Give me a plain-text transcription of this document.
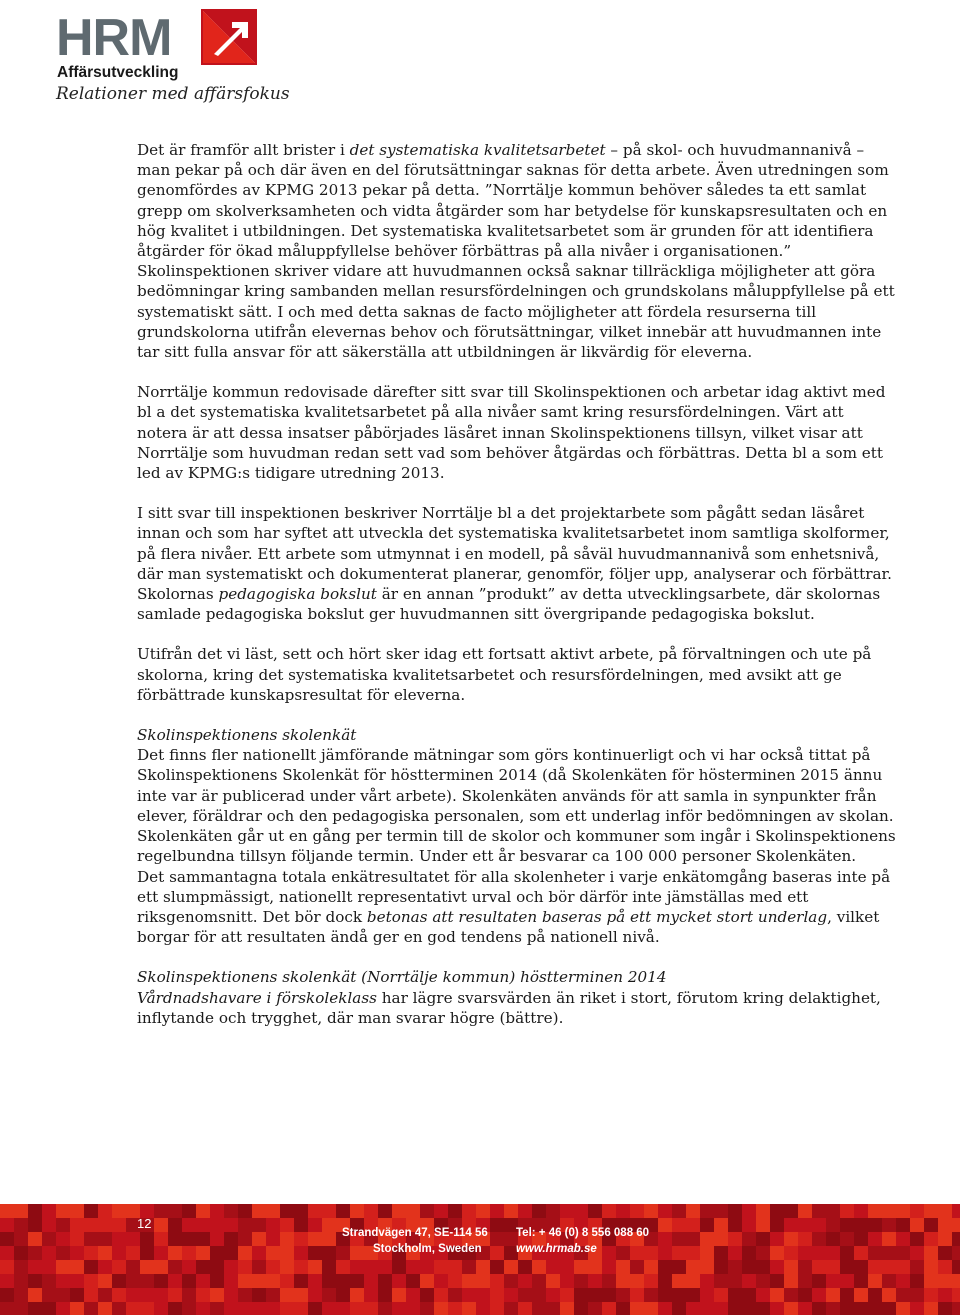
HRM
Affärsutveckling
Relationer med affärsfokus

Det är framför allt brister i det systematiska kvalitetsarbetet – på skol- och huvudmannanivå – man pekar på och där även en del förutsättningar saknas för detta arbete. Även utredningen som genomfördes av KPMG 2013 pekar på detta. ”Norrtälje kommun behöver således ta ett samlat grepp om skolverksamheten och vidta åtgärder som har betydelse för kunskapsresultaten och en hög kvalitet i utbildningen. Det systematiska kvalitetsarbetet som är grunden för att identifiera åtgärder för ökad måluppfyllelse behöver förbättras på alla nivåer i organisationen.” Skolinspektionen skriver vidare att huvudmannen också saknar tillräckliga möjligheter att göra bedömningar kring sambanden mellan resursfördelningen och grundskolans måluppfyllelse på ett systematiskt sätt. I och med detta saknas de facto möjligheter att fördela resurserna till grundskolorna utifrån elevernas behov och förutsättningar, vilket innebär att huvudmannen inte tar sitt fulla ansvar för att säkerställa att utbildningen är likvärdig för eleverna.

Norrtälje kommun redovisade därefter sitt svar till Skolinspektionen och arbetar idag aktivt med bl a det systematiska kvalitetsarbetet på alla nivåer samt kring resursfördelningen. Värt att notera är att dessa insatser påbörjades läsåret innan Skolinspektionens tillsyn, vilket visar att Norrtälje som huvudman redan sett vad som behöver åtgärdas och förbättras. Detta bl a som ett led av KPMG:s tidigare utredning 2013.

I sitt svar till inspektionen beskriver Norrtälje bl a det projektarbete som pågått sedan läsåret innan och som har syftet att utveckla det systematiska kvalitetsarbetet inom samtliga skolformer, på flera nivåer. Ett arbete som utmynnat i en modell, på såväl huvudmannanivå som enhetsnivå, där man systematiskt och dokumenterat planerar, genomför, följer upp, analyserar och förbättrar. Skolornas pedagogiska bokslut är en annan ”produkt” av detta utvecklingsarbete, där skolornas samlade pedagogiska bokslut ger huvudmannen sitt övergripande pedagogiska bokslut.

Utifrån det vi läst, sett och hört sker idag ett fortsatt aktivt arbete, på förvaltningen och ute på skolorna, kring det systematiska kvalitetsarbetet och resursfördelningen, med avsikt att ge förbättrade kunskapsresultat för eleverna.

Skolinspektionens skolenkät
Det finns fler nationellt jämförande mätningar som görs kontinuerligt och vi har också tittat på Skolinspektionens Skolenkät för höstterminen 2014 (då Skolenkäten för hösterminen 2015 ännu inte var är publicerad under vårt arbete). Skolenkäten används för att samla in synpunkter från elever, föräldrar och den pedagogiska personalen, som ett underlag inför bedömningen av skolan. Skolenkäten går ut en gång per termin till de skolor och kommuner som ingår i Skolinspektionens regelbundna tillsyn följande termin. Under ett år besvarar ca 100 000 personer Skolenkäten.
Det sammantagna totala enkätresultatet för alla skolenheter i varje enkätomgång baseras inte på ett slumpmässigt, nationellt representativt urval och bör därför inte jämställas med ett riksgenomsnitt. Det bör dock betonas att resultaten baseras på ett mycket stort underlag, vilket borgar för att resultaten ändå ger en god tendens på nationell nivå.

Skolinspektionens skolenkät (Norrtälje kommun) höstterminen 2014
Vårdnadshavare i förskoleklass har lägre svarsvärden än riket i stort, förutom kring delaktighet, inflytande och trygghet, där man svarar högre (bättre).

12
Strandvägen 47, SE-114 56
Stockholm, Sweden
Tel: + 46 (0) 8 556 088 60
www.hrmab.se
